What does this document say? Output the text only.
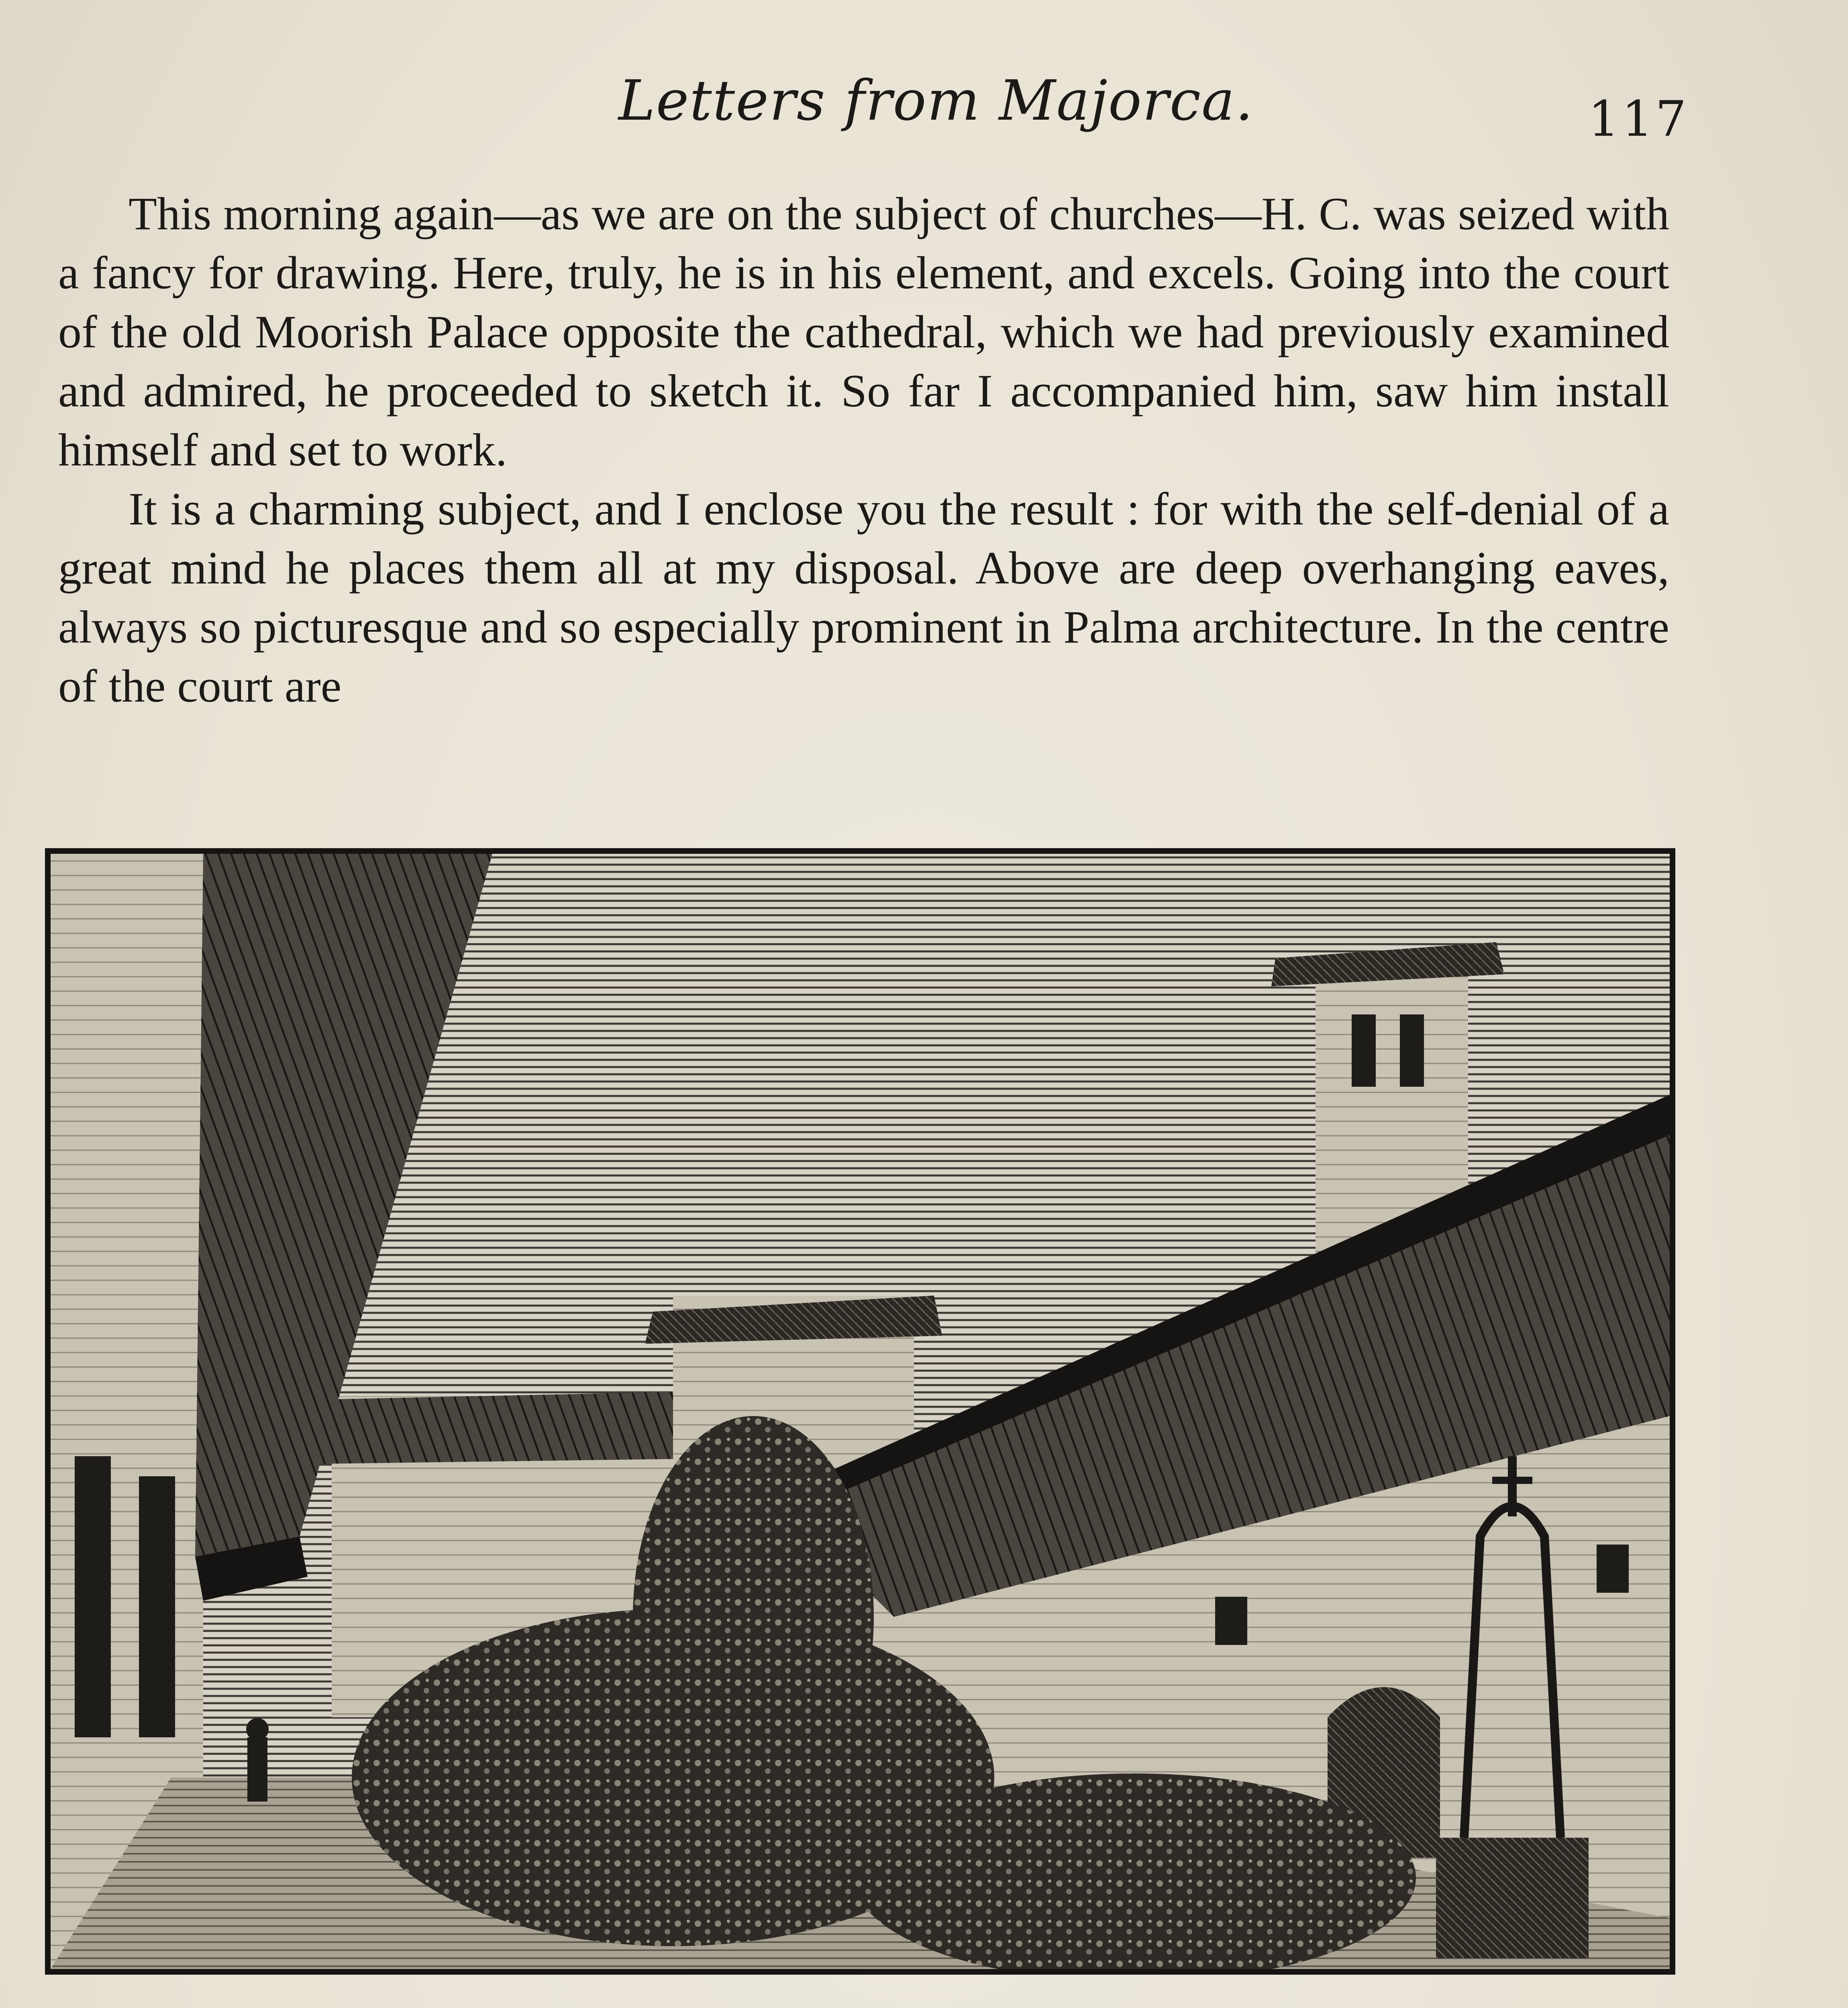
Letters from Majorca.	117

This morning again—as we are on the subject of churches—H. C. was seized with a fancy for drawing. Here, truly, he is in his element, and excels. Going into the court of the old Moorish Palace opposite the cathedral, which we had previously examined and admired, he proceeded to sketch it. So far I accompanied him, saw him install himself and set to work.

It is a charming subject, and I enclose you the result : for with the self-denial of a great mind he places them all at my disposal. Above are deep overhanging eaves, always so picturesque and so especially prominent in Palma architecture. In the centre of the court are
